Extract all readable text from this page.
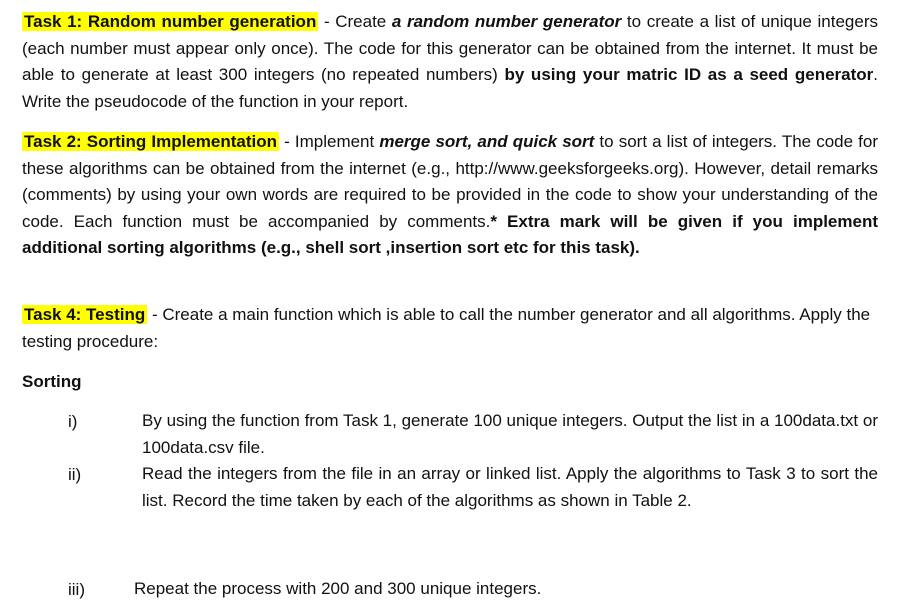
Task 1: Random number generation - Create a random number generator to create a list of unique integers (each number must appear only once). The code for this generator can be obtained from the internet. It must be able to generate at least 300 integers (no repeated numbers) by using your matric ID as a seed generator. Write the pseudocode of the function in your report.

Task 2: Sorting Implementation - Implement merge sort, and quick sort to sort a list of integers. The code for these algorithms can be obtained from the internet (e.g., http://www.geeksforgeeks.org). However, detail remarks (comments) by using your own words are required to be provided in the code to show your understanding of the code. Each function must be accompanied by comments.* Extra mark will be given if you implement additional sorting algorithms (e.g., shell sort ,insertion sort etc for this task).

Task 4: Testing - Create a main function which is able to call the number generator and all algorithms. Apply the testing procedure:

Sorting

i)	By using the function from Task 1, generate 100 unique integers. Output the list in a 100data.txt or 100data.csv file.

ii)	Read the integers from the file in an array or linked list. Apply the algorithms to Task 3 to sort the list. Record the time taken by each of the algorithms as shown in Table 2.

iii)	Repeat the process with 200 and 300 unique integers.
